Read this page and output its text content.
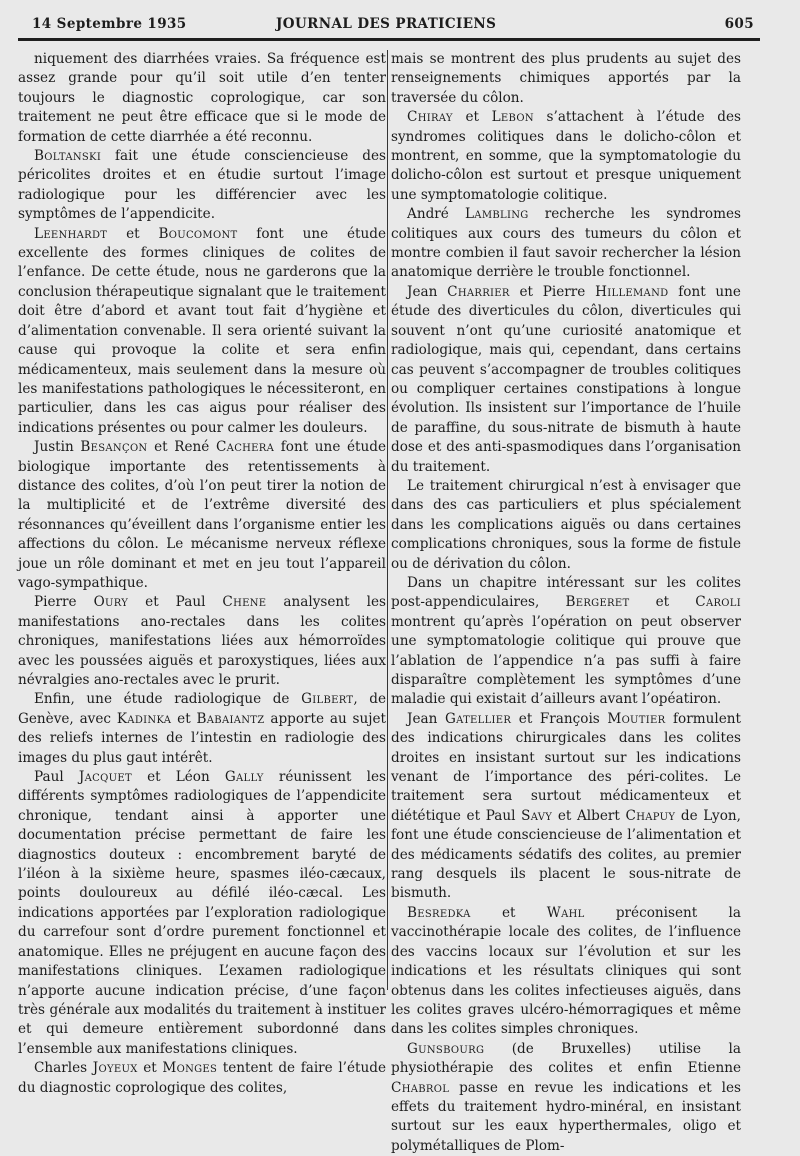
14 Septembre 1935	JOURNAL DES PRATICIENS	605

niquement des diarrhées vraies. Sa fréquence est assez grande pour qu’il soit utile d’en tenter toujours le diagnostic coprologique, car son traitement ne peut être efficace que si le mode de formation de cette diarrhée a été reconnu.

Boltanski fait une étude consciencieuse des péricolites droites et en étudie surtout l’image radiologique pour les différencier avec les symptômes de l’appendicite.

Leenhardt et Boucomont font une étude excellente des formes cliniques de colites de l’enfance. De cette étude, nous ne garderons que la conclusion thérapeutique signalant que le traitement doit être d’abord et avant tout fait d’hygiène et d’alimentation convenable. Il sera orienté suivant la cause qui provoque la colite et sera enfin médicamenteux, mais seulement dans la mesure où les manifestations pathologiques le nécessiteront, en particulier, dans les cas aigus pour réaliser des indications présentes ou pour calmer les douleurs.

Justin Besançon et René Cachera font une étude biologique importante des retentissements à distance des colites, d’où l’on peut tirer la notion de la multiplicité et de l’extrême diversité des résonnances qu’éveillent dans l’organisme entier les affections du côlon. Le mécanisme nerveux réflexe joue un rôle dominant et met en jeu tout l’appareil vago-sympathique.

Pierre Oury et Paul Chene analysent les manifestations ano-rectales dans les colites chroniques, manifestations liées aux hémorroïdes avec les poussées aiguës et paroxystiques, liées aux névralgies ano-rectales avec le prurit.

Enfin, une étude radiologique de Gilbert, de Genève, avec Kadinka et Babaiantz apporte au sujet des reliefs internes de l’intestin en radiologie des images du plus gaut intérêt.

Paul Jacquet et Léon Gally réunissent les différents symptômes radiologiques de l’appendicite chronique, tendant ainsi à apporter une documentation précise permettant de faire les diagnostics douteux : encombrement baryté de l’iléon à la sixième heure, spasmes iléo-cæcaux, points douloureux au défilé iléo-cæcal. Les indications apportées par l’exploration radiologique du carrefour sont d’ordre purement fonctionnel et anatomique. Elles ne préjugent en aucune façon des manifestations cliniques. L’examen radiologique n’apporte aucune indication précise, d’une façon très générale aux modalités du traitement à instituer et qui demeure entièrement subordonné dans l’ensemble aux manifestations cliniques.

Charles Joyeux et Monges tentent de faire l’étude du diagnostic coprologique des colites,

mais se montrent des plus prudents au sujet des renseignements chimiques apportés par la traversée du côlon.

Chiray et Lebon s’attachent à l’étude des syndromes colitiques dans le dolicho-côlon et montrent, en somme, que la symptomatologie du dolicho-côlon est surtout et presque uniquement une symptomatologie colitique.

André Lambling recherche les syndromes colitiques aux cours des tumeurs du côlon et montre combien il faut savoir rechercher la lésion anatomique derrière le trouble fonctionnel.

Jean Charrier et Pierre Hillemand font une étude des diverticules du côlon, diverticules qui souvent n’ont qu’une curiosité anatomique et radiologique, mais qui, cependant, dans certains cas peuvent s’accompagner de troubles colitiques ou compliquer certaines constipations à longue évolution. Ils insistent sur l’importance de l’huile de paraffine, du sous-nitrate de bismuth à haute dose et des anti-spasmodiques dans l’organisation du traitement.

Le traitement chirurgical n’est à envisager que dans des cas particuliers et plus spécialement dans les complications aiguës ou dans certaines complications chroniques, sous la forme de fistule ou de dérivation du côlon.

Dans un chapitre intéressant sur les colites post-appendiculaires, Bergeret et Caroli montrent qu’après l’opération on peut observer une symptomatologie colitique qui prouve que l’ablation de l’appendice n’a pas suffi à faire disparaître complètement les symptômes d’une maladie qui existait d’ailleurs avant l’opéatiron.

Jean Gatellier et François Moutier formulent des indications chirurgicales dans les colites droites en insistant surtout sur les indications venant de l’importance des péri-colites. Le traitement sera surtout médicamenteux et diététique et Paul Savy et Albert Chapuy de Lyon, font une étude consciencieuse de l’alimentation et des médicaments sédatifs des colites, au premier rang desquels ils placent le sous-nitrate de bismuth.

Besredka et Wahl préconisent la vaccinothérapie locale des colites, de l’influence des vaccins locaux sur l’évolution et sur les indications et les résultats cliniques qui sont obtenus dans les colites infectieuses aiguës, dans les colites graves ulcéro-hémorragiques et même dans les colites simples chroniques.

Gunsbourg (de Bruxelles) utilise la physiothérapie des colites et enfin Etienne Chabrol passe en revue les indications et les effets du traitement hydro-minéral, en insistant surtout sur les eaux hyperthermales, oligo et polymétalliques de Plom-
